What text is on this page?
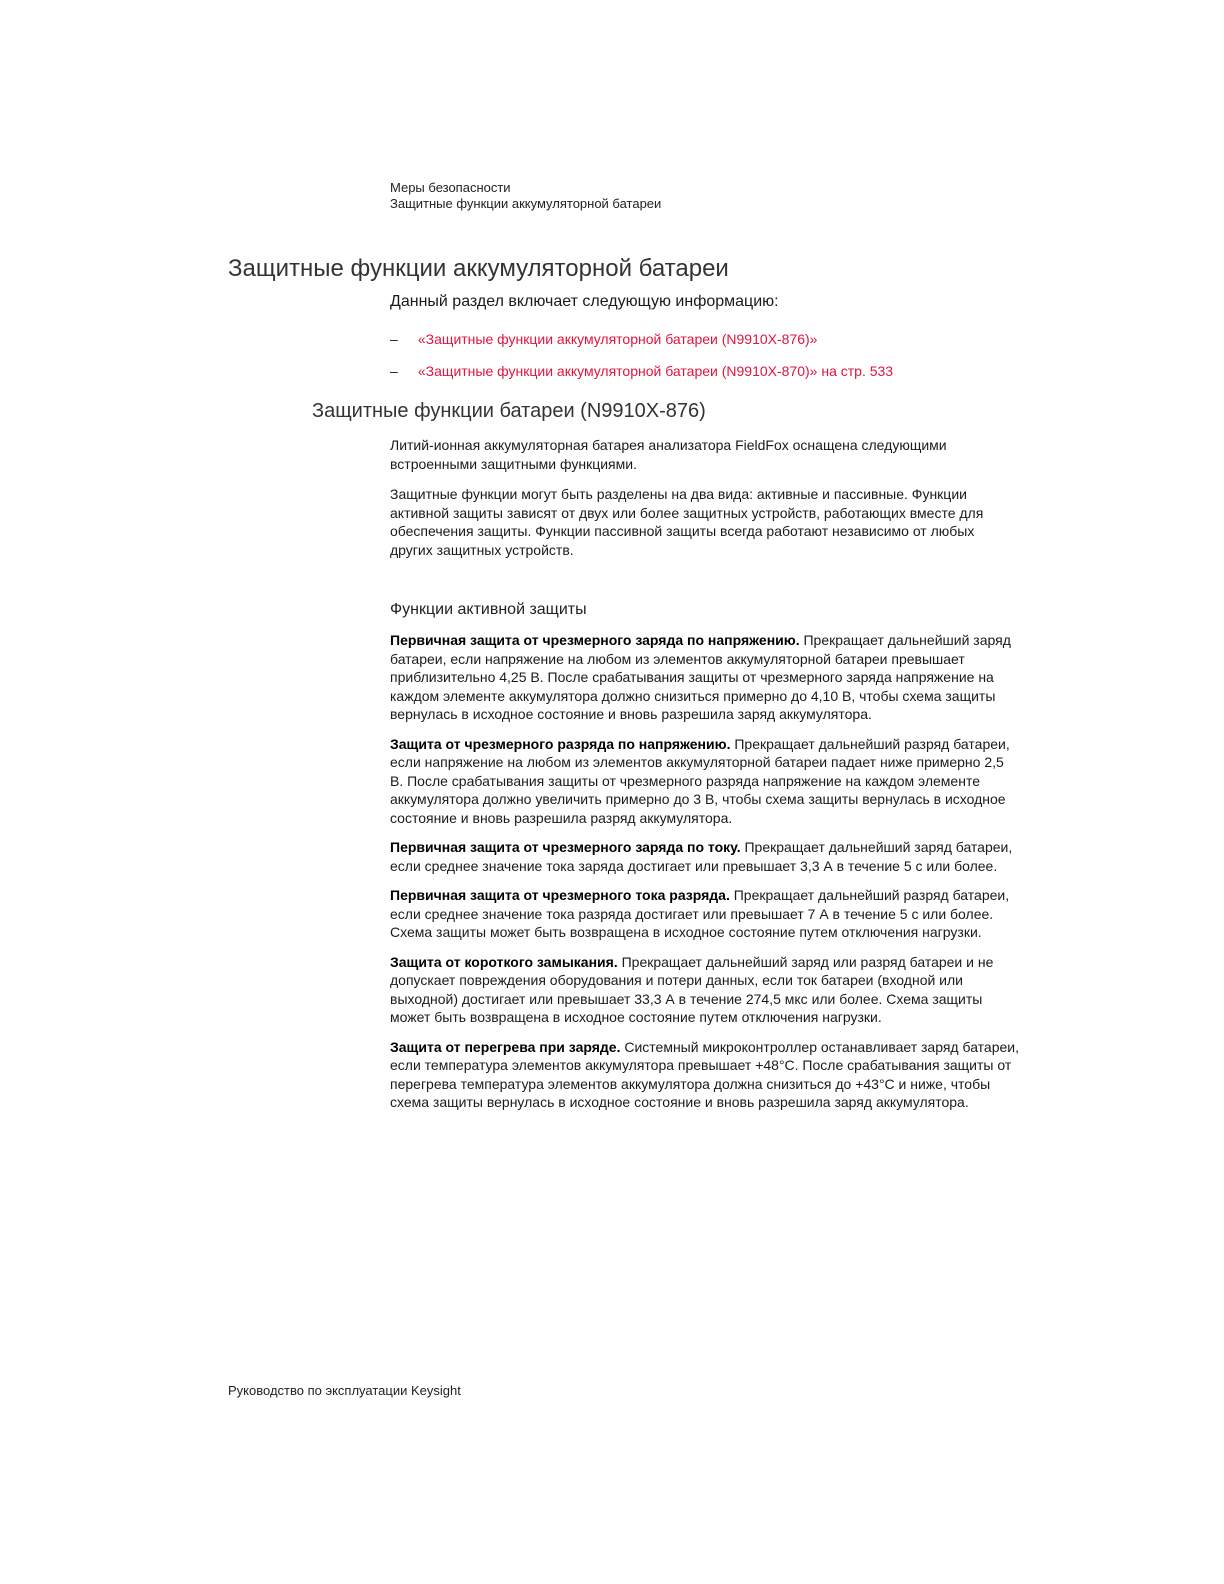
Меры безопасности
Защитные функции аккумуляторной батареи
Защитные функции аккумуляторной батареи
Данный раздел включает следующую информацию:
– «Защитные функции аккумуляторной батареи (N9910X-876)»
– «Защитные функции аккумуляторной батареи (N9910X-870)» на стр. 533
Защитные функции батареи (N9910X-876)

Литий-ионная аккумуляторная батарея анализатора FieldFox оснащена следующими встроенными защитными функциями.

Защитные функции могут быть разделены на два вида: активные и пассивные. Функции активной защиты зависят от двух или более защитных устройств, работающих вместе для обеспечения защиты. Функции пассивной защиты всегда работают независимо от любых других защитных устройств.

Функции активной защиты

Первичная защита от чрезмерного заряда по напряжению. Прекращает дальнейший заряд батареи, если напряжение на любом из элементов аккумуляторной батареи превышает приблизительно 4,25 В. После срабатывания защиты от чрезмерного заряда напряжение на каждом элементе аккумулятора должно снизиться примерно до 4,10 В, чтобы схема защиты вернулась в исходное состояние и вновь разрешила заряд аккумулятора.

Защита от чрезмерного разряда по напряжению. Прекращает дальнейший разряд батареи, если напряжение на любом из элементов аккумуляторной батареи падает ниже примерно 2,5 В. После срабатывания защиты от чрезмерного разряда напряжение на каждом элементе аккумулятора должно увеличить примерно до 3 В, чтобы схема защиты вернулась в исходное состояние и вновь разрешила разряд аккумулятора.

Первичная защита от чрезмерного заряда по току. Прекращает дальнейший заряд батареи, если среднее значение тока заряда достигает или превышает 3,3 А в течение 5 с или более.

Первичная защита от чрезмерного тока разряда. Прекращает дальнейший разряд батареи, если среднее значение тока разряда достигает или превышает 7 А в течение 5 с или более. Схема защиты может быть возвращена в исходное состояние путем отключения нагрузки.

Защита от короткого замыкания. Прекращает дальнейший заряд или разряд батареи и не допускает повреждения оборудования и потери данных, если ток батареи (входной или выходной) достигает или превышает 33,3 А в течение 274,5 мкс или более. Схема защиты может быть возвращена в исходное состояние путем отключения нагрузки.

Защита от перегрева при заряде. Системный микроконтроллер останавливает заряд батареи, если температура элементов аккумулятора превышает +48°C. После срабатывания защиты от перегрева температура элементов аккумулятора должна снизиться до +43°C и ниже, чтобы схема защиты вернулась в исходное состояние и вновь разрешила заряд аккумулятора.

Руководство по эксплуатации Keysight
